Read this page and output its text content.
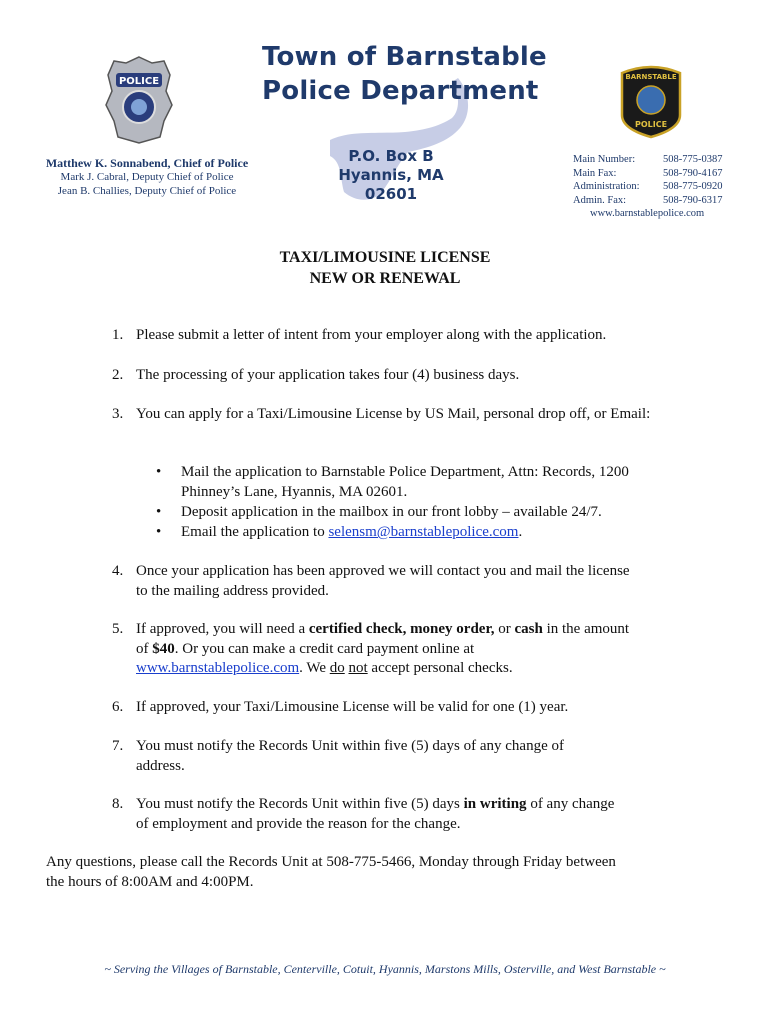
POLICE	BARNSTABLE
POLICE
Town of Barnstable
Police Department
P.O. Box B
Hyannis, MA 02601
Matthew K. Sonnabend, Chief of Police
Mark J. Cabral, Deputy Chief of Police
Jean B. Challies, Deputy Chief of Police
Main Number:	508-775-0387
Main Fax:	508-790-4167
Administration:	508-775-0920
Admin. Fax:	508-790-6317
www.barnstablepolice.com
TAXI/LIMOUSINE LICENSE
NEW OR RENEWAL
1. Please submit a letter of intent from your employer along with the application.
2. The processing of your application takes four (4) business days.
3. You can apply for a Taxi/Limousine License by US Mail, personal drop off, or Email:
• Mail the application to Barnstable Police Department, Attn: Records, 1200 Phinney’s Lane, Hyannis, MA 02601.
• Deposit application in the mailbox in our front lobby – available 24/7.
• Email the application to selensm@barnstablepolice.com.
4. Once your application has been approved we will contact you and mail the license to the mailing address provided.
5. If approved, you will need a certified check, money order, or cash in the amount of $40. Or you can make a credit card payment online at www.barnstablepolice.com. We do not accept personal checks.
6. If approved, your Taxi/Limousine License will be valid for one (1) year.
7. You must notify the Records Unit within five (5) days of any change of address.
8. You must notify the Records Unit within five (5) days in writing of any change of employment and provide the reason for the change.
Any questions, please call the Records Unit at 508-775-5466, Monday through Friday between the hours of 8:00AM and 4:00PM.
~ Serving the Villages of Barnstable, Centerville, Cotuit, Hyannis, Marstons Mills, Osterville, and West Barnstable ~
